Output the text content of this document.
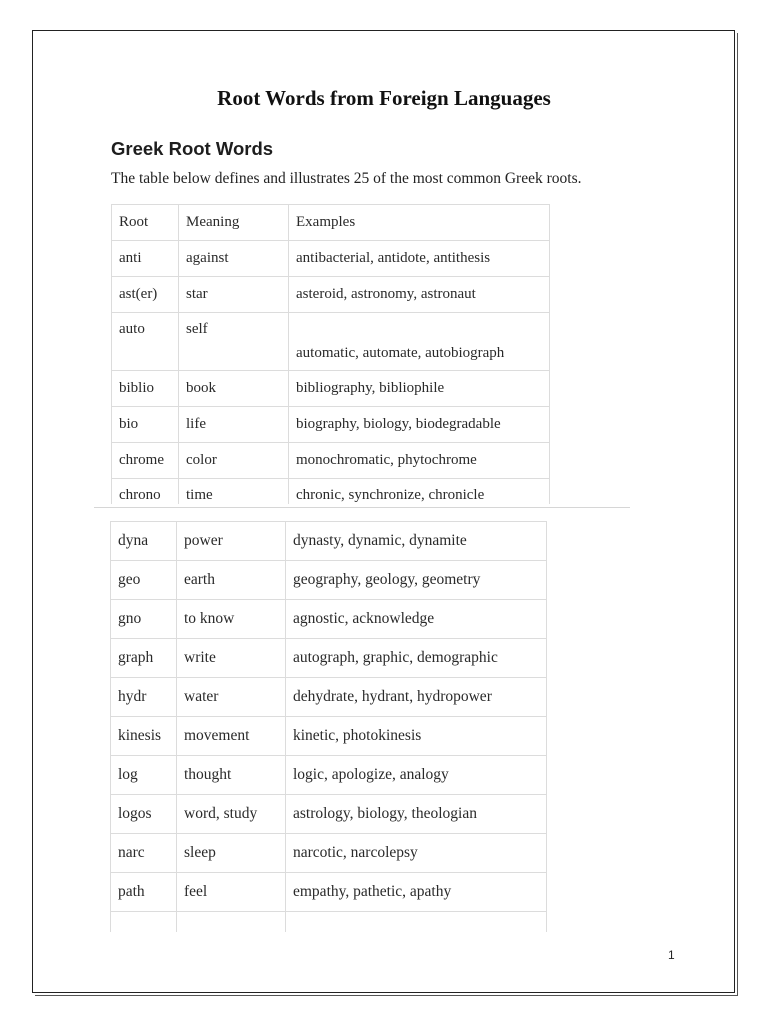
Root Words from Foreign Languages
Greek Root Words
The table below defines and illustrates 25 of the most common Greek roots.
Root	Meaning	Examples
anti	against	antibacterial, antidote, antithesis
ast(er)	star	asteroid, astronomy, astronaut
auto	self	automatic, automate, autobiograph
biblio	book	bibliography, bibliophile
bio	life	biography, biology, biodegradable
chrome	color	monochromatic, phytochrome
chrono	time	chronic, synchronize, chronicle
dyna	power	dynasty, dynamic, dynamite
geo	earth	geography, geology, geometry
gno	to know	agnostic, acknowledge
graph	write	autograph, graphic, demographic
hydr	water	dehydrate, hydrant, hydropower
kinesis	movement	kinetic, photokinesis
log	thought	logic, apologize, analogy
logos	word, study	astrology, biology, theologian
narc	sleep	narcotic, narcolepsy
path	feel	empathy, pathetic, apathy

1
